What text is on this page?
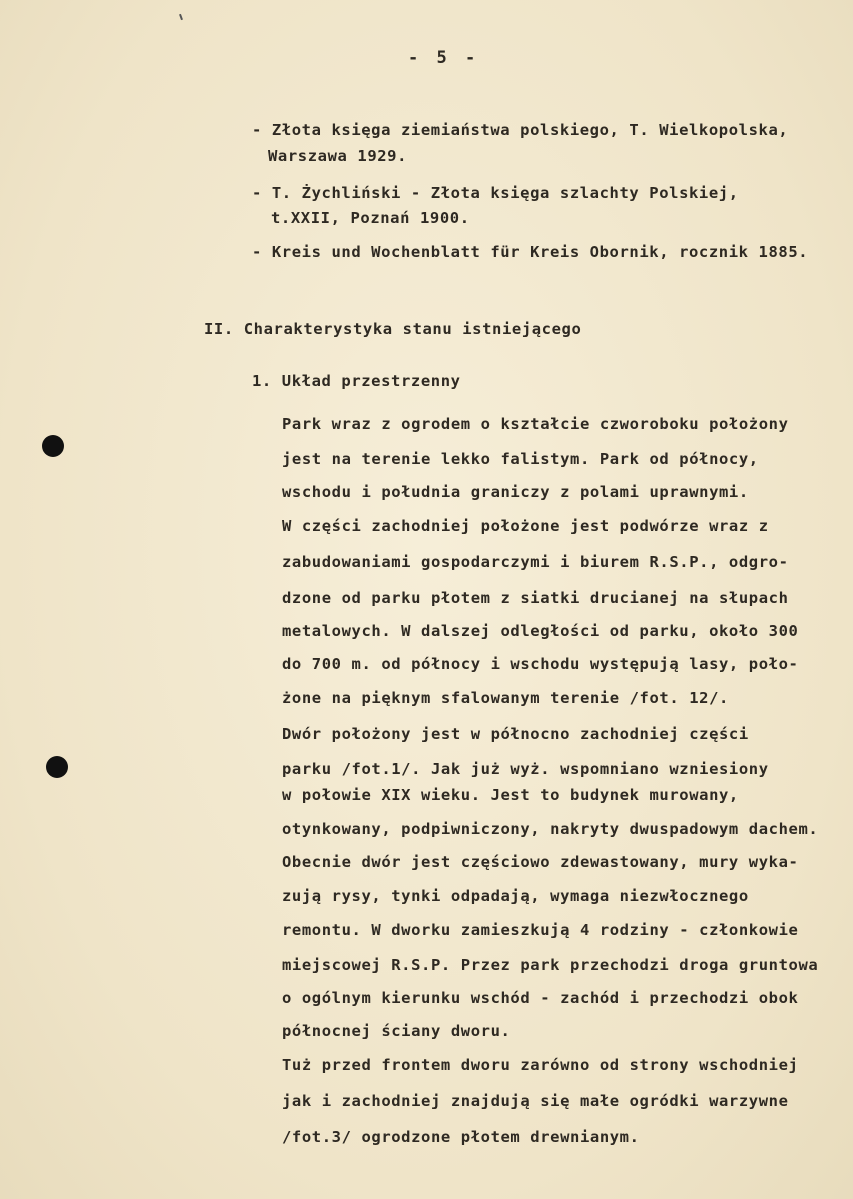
- 5 -
- Złota księga ziemiaństwa polskiego, T. Wielkopolska,
Warszawa 1929.
- T. Żychliński - Złota księga szlachty Polskiej,
t.XXII, Poznań 1900.
- Kreis und Wochenblatt für Kreis Obornik, rocznik 1885.
II. Charakterystyka stanu istniejącego
1. Układ przestrzenny
Park wraz z ogrodem o kształcie czworoboku położony
jest na terenie lekko falistym. Park od północy,
wschodu i południa graniczy z polami uprawnymi.
W części zachodniej położone jest podwórze wraz z
zabudowaniami gospodarczymi i biurem R.S.P., odgro-
dzone od parku płotem z siatki drucianej na słupach
metalowych. W dalszej odległości od parku, około 300
do 700 m. od północy i wschodu występują lasy, poło-
żone na pięknym sfalowanym terenie /fot. 12/.
Dwór położony jest w północno zachodniej części
parku /fot.1/. Jak już wyż. wspomniano wzniesiony
w połowie XIX wieku. Jest to budynek murowany,
otynkowany, podpiwniczony, nakryty dwuspadowym dachem.
Obecnie dwór jest częściowo zdewastowany, mury wyka-
zują rysy, tynki odpadają, wymaga niezwłocznego
remontu. W dworku zamieszkują 4 rodziny - członkowie
miejscowej R.S.P. Przez park przechodzi droga gruntowa
o ogólnym kierunku wschód - zachód i przechodzi obok
północnej ściany dworu.
Tuż przed frontem dworu zarówno od strony wschodniej
jak i zachodniej znajdują się małe ogródki warzywne
/fot.3/ ogrodzone płotem drewnianym.
